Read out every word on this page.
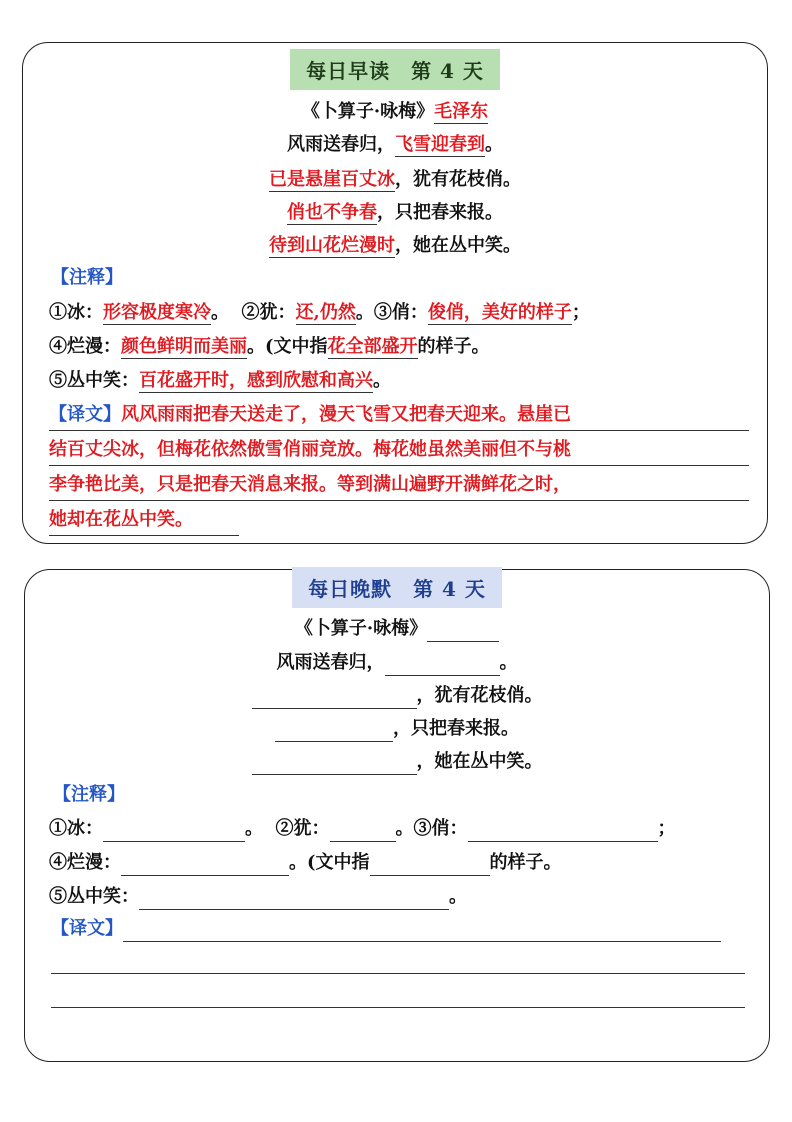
每日早读　第 4 天
《卜算子·咏梅》毛泽东
风雨送春归，飞雪迎春到。
已是悬崖百丈冰，犹有花枝俏。
俏也不争春，只把春来报。
待到山花烂漫时，她在丛中笑。
【注释】
①冰：形容极度寒冷。 ②犹：还,仍然。③俏：俊俏，美好的样子；
④烂漫：颜色鲜明而美丽。(文中指花全部盛开的样子。
⑤丛中笑：百花盛开时，感到欣慰和高兴。
【译文】风风雨雨把春天送走了，漫天飞雪又把春天迎来。悬崖已
结百丈尖冰，但梅花依然傲雪俏丽竞放。梅花她虽然美丽但不与桃
李争艳比美，只是把春天消息来报。等到满山遍野开满鲜花之时，
她却在花丛中笑。
每日晚默　第 4 天
《卜算子·咏梅》
风雨送春归，	。
，犹有花枝俏。
，只把春来报。
，她在丛中笑。
【注释】
①冰：	。 ②犹：	。③俏：	；
④烂漫：	。(文中指	的样子。
⑤丛中笑：	。
【译文】
